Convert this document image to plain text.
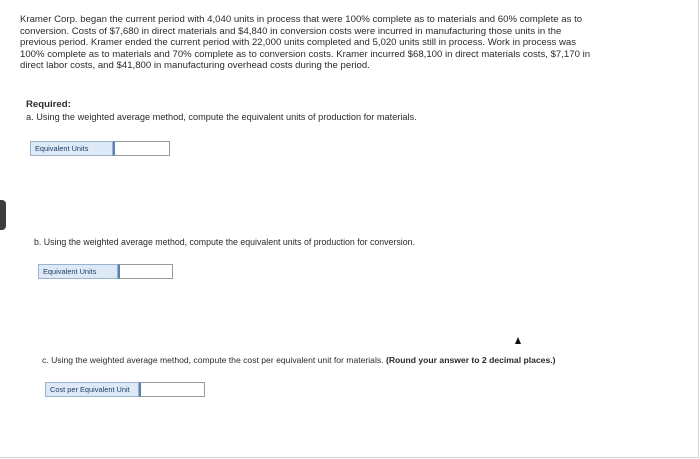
Kramer Corp. began the current period with 4,040 units in process that were 100% complete as to materials and 60% complete as to
conversion. Costs of $7,680 in direct materials and $4,840 in conversion costs were incurred in manufacturing those units in the
previous period. Kramer ended the current period with 22,000 units completed and 5,020 units still in process. Work in process was
100% complete as to materials and 70% complete as to conversion costs. Kramer incurred $68,100 in direct materials costs, $7,170 in
direct labor costs, and $41,800 in manufacturing overhead costs during the period.
Required:
a. Using the weighted average method, compute the equivalent units of production for materials.
Equivalent Units
b. Using the weighted average method, compute the equivalent units of production for conversion.
Equivalent Units
c. Using the weighted average method, compute the cost per equivalent unit for materials. (Round your answer to 2 decimal places.)
Cost per Equivalent Unit
